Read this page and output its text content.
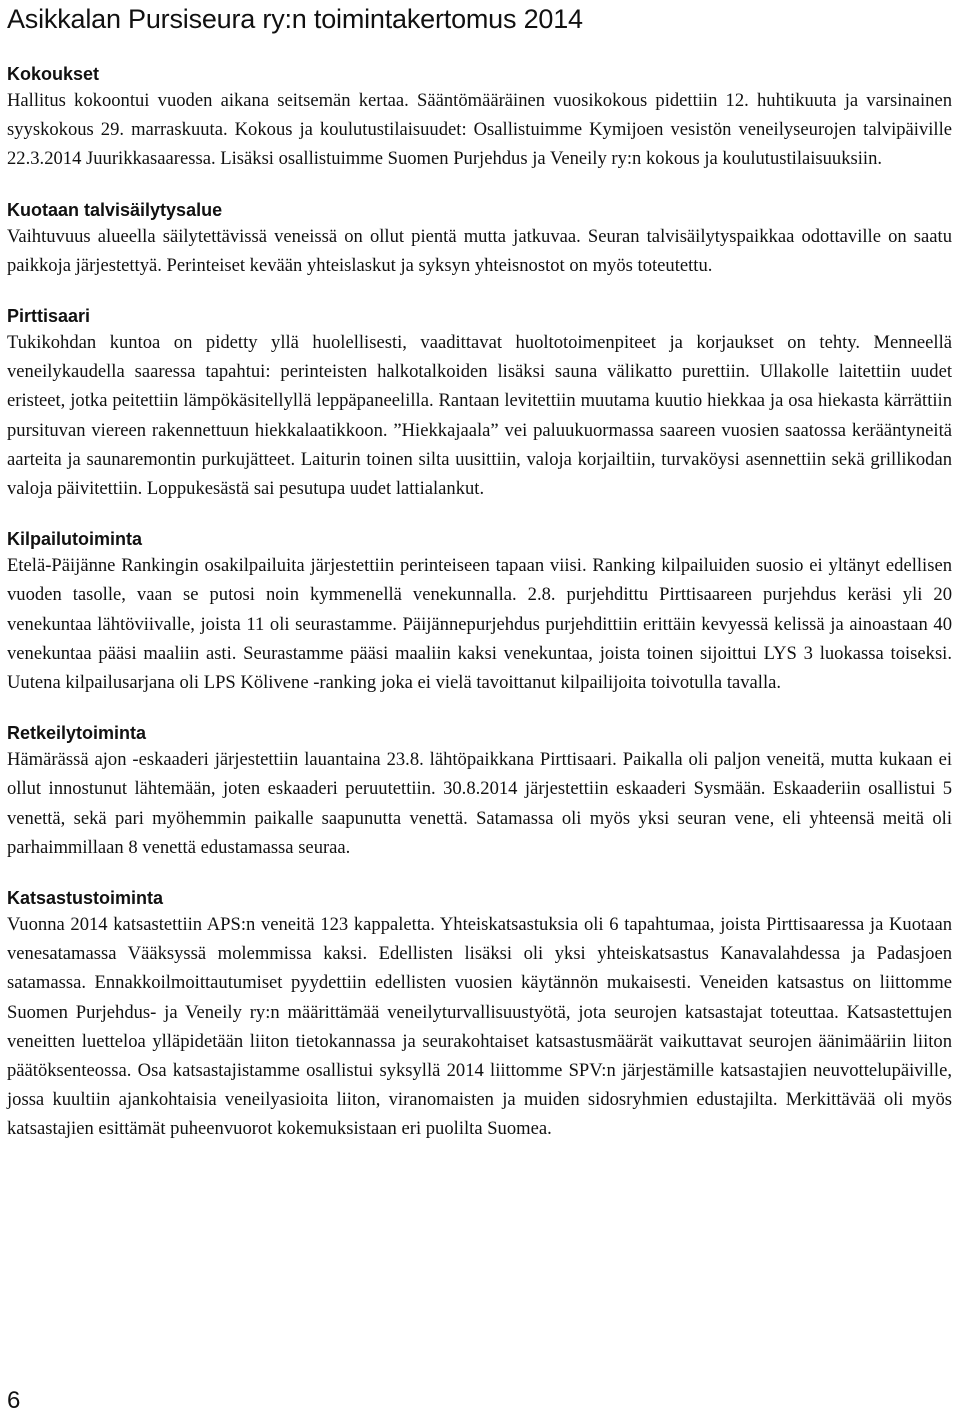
Asikkalan Pursiseura ry:n toimintakertomus 2014
Kokoukset

Hallitus kokoontui vuoden aikana seitsemän kertaa. Sääntömääräinen vuosikokous pidettiin 12. huhtikuuta ja varsinainen syyskokous 29. marraskuuta. Kokous ja koulutustilaisuudet: Osallistuimme Kymijoen vesistön veneilyseurojen talvipäiville 22.3.2014 Juurikkasaaressa. Lisäksi osallistuimme Suomen Purjehdus ja Veneily ry:n kokous ja koulutustilaisuuksiin.

Kuotaan talvisäilytysalue

Vaihtuvuus alueella säilytettävissä veneissä on ollut pientä mutta jatkuvaa. Seuran talvisäilytyspaikkaa odottaville on saatu paikkoja järjestettyä. Perinteiset kevään yhteislaskut ja syksyn yhteisnostot on myös toteutettu.

Pirttisaari

Tukikohdan kuntoa on pidetty yllä huolellisesti, vaadittavat huoltotoimenpiteet ja korjaukset on tehty. Menneellä veneilykaudella saaressa tapahtui: perinteisten halkotalkoiden lisäksi sauna välikatto purettiin. Ullakolle laitettiin uudet eristeet, jotka peitettiin lämpökäsitellyllä leppäpaneelilla. Rantaan levitettiin muutama kuutio hiekkaa ja osa hiekasta kärrättiin pursituvan viereen rakennettuun hiekkalaatikkoon. ”Hiekkajaala” vei paluukuormassa saareen vuosien saatossa kerääntyneitä aarteita ja saunaremontin purkujätteet. Laiturin toinen silta uusittiin, valoja korjailtiin, turvaköysi asennettiin sekä grillikodan valoja päivitettiin. Loppukesästä sai pesutupa uudet lattialankut.

Kilpailutoiminta

Etelä-Päijänne Rankingin osakilpailuita järjestettiin perinteiseen tapaan viisi. Ranking kilpailuiden suosio ei yltänyt edellisen vuoden tasolle, vaan se putosi noin kymmenellä venekunnalla. 2.8. purjehdittu Pirttisaareen purjehdus keräsi yli 20 venekuntaa lähtöviivalle, joista 11 oli seurastamme. Päijännepurjehdus purjehdittiin erittäin kevyessä kelissä ja ainoastaan 40 venekuntaa pääsi maaliin asti. Seurastamme pääsi maaliin kaksi venekuntaa, joista toinen sijoittui LYS 3 luokassa toiseksi. Uutena kilpailusarjana oli LPS Kölivene -ranking joka ei vielä tavoittanut kilpailijoita toivotulla tavalla.

Retkeilytoiminta

Hämärässä ajon -eskaaderi järjestettiin lauantaina 23.8. lähtöpaikkana Pirttisaari. Paikalla oli paljon veneitä, mutta kukaan ei ollut innostunut lähtemään, joten eskaaderi peruutettiin. 30.8.2014 järjestettiin eskaaderi Sysmään. Eskaaderiin osallistui 5 venettä, sekä pari myöhemmin paikalle saapunutta venettä. Satamassa oli myös yksi seuran vene, eli yhteensä meitä oli parhaimmillaan 8 venettä edustamassa seuraa.

Katsastustoiminta

Vuonna 2014 katsastettiin APS:n veneitä 123 kappaletta. Yhteiskatsastuksia oli 6 tapahtumaa, joista Pirttisaaressa ja Kuotaan venesatamassa Vääksyssä molemmissa kaksi. Edellisten lisäksi oli yksi yhteiskatsastus Kanavalahdessa ja Padasjoen satamassa. Ennakkoilmoittautumiset pyydettiin edellisten vuosien käytännön mukaisesti. Veneiden katsastus on liittomme Suomen Purjehdus- ja Veneily ry:n määrittämää veneilyturvallisuustyötä, jota seurojen katsastajat toteuttaa. Katsastettujen veneitten luetteloa ylläpidetään liiton tietokannassa ja seurakohtaiset katsastusmäärät vaikuttavat seurojen äänimääriin liiton päätöksenteossa. Osa katsastajistamme osallistui syksyllä 2014 liittomme SPV:n järjestämille katsastajien neuvottelupäiville, jossa kuultiin ajankohtaisia veneilyasioita liiton, viranomaisten ja muiden sidosryhmien edustajilta. Merkittävää oli myös katsastajien esittämät puheenvuorot kokemuksistaan eri puolilta Suomea.

6
